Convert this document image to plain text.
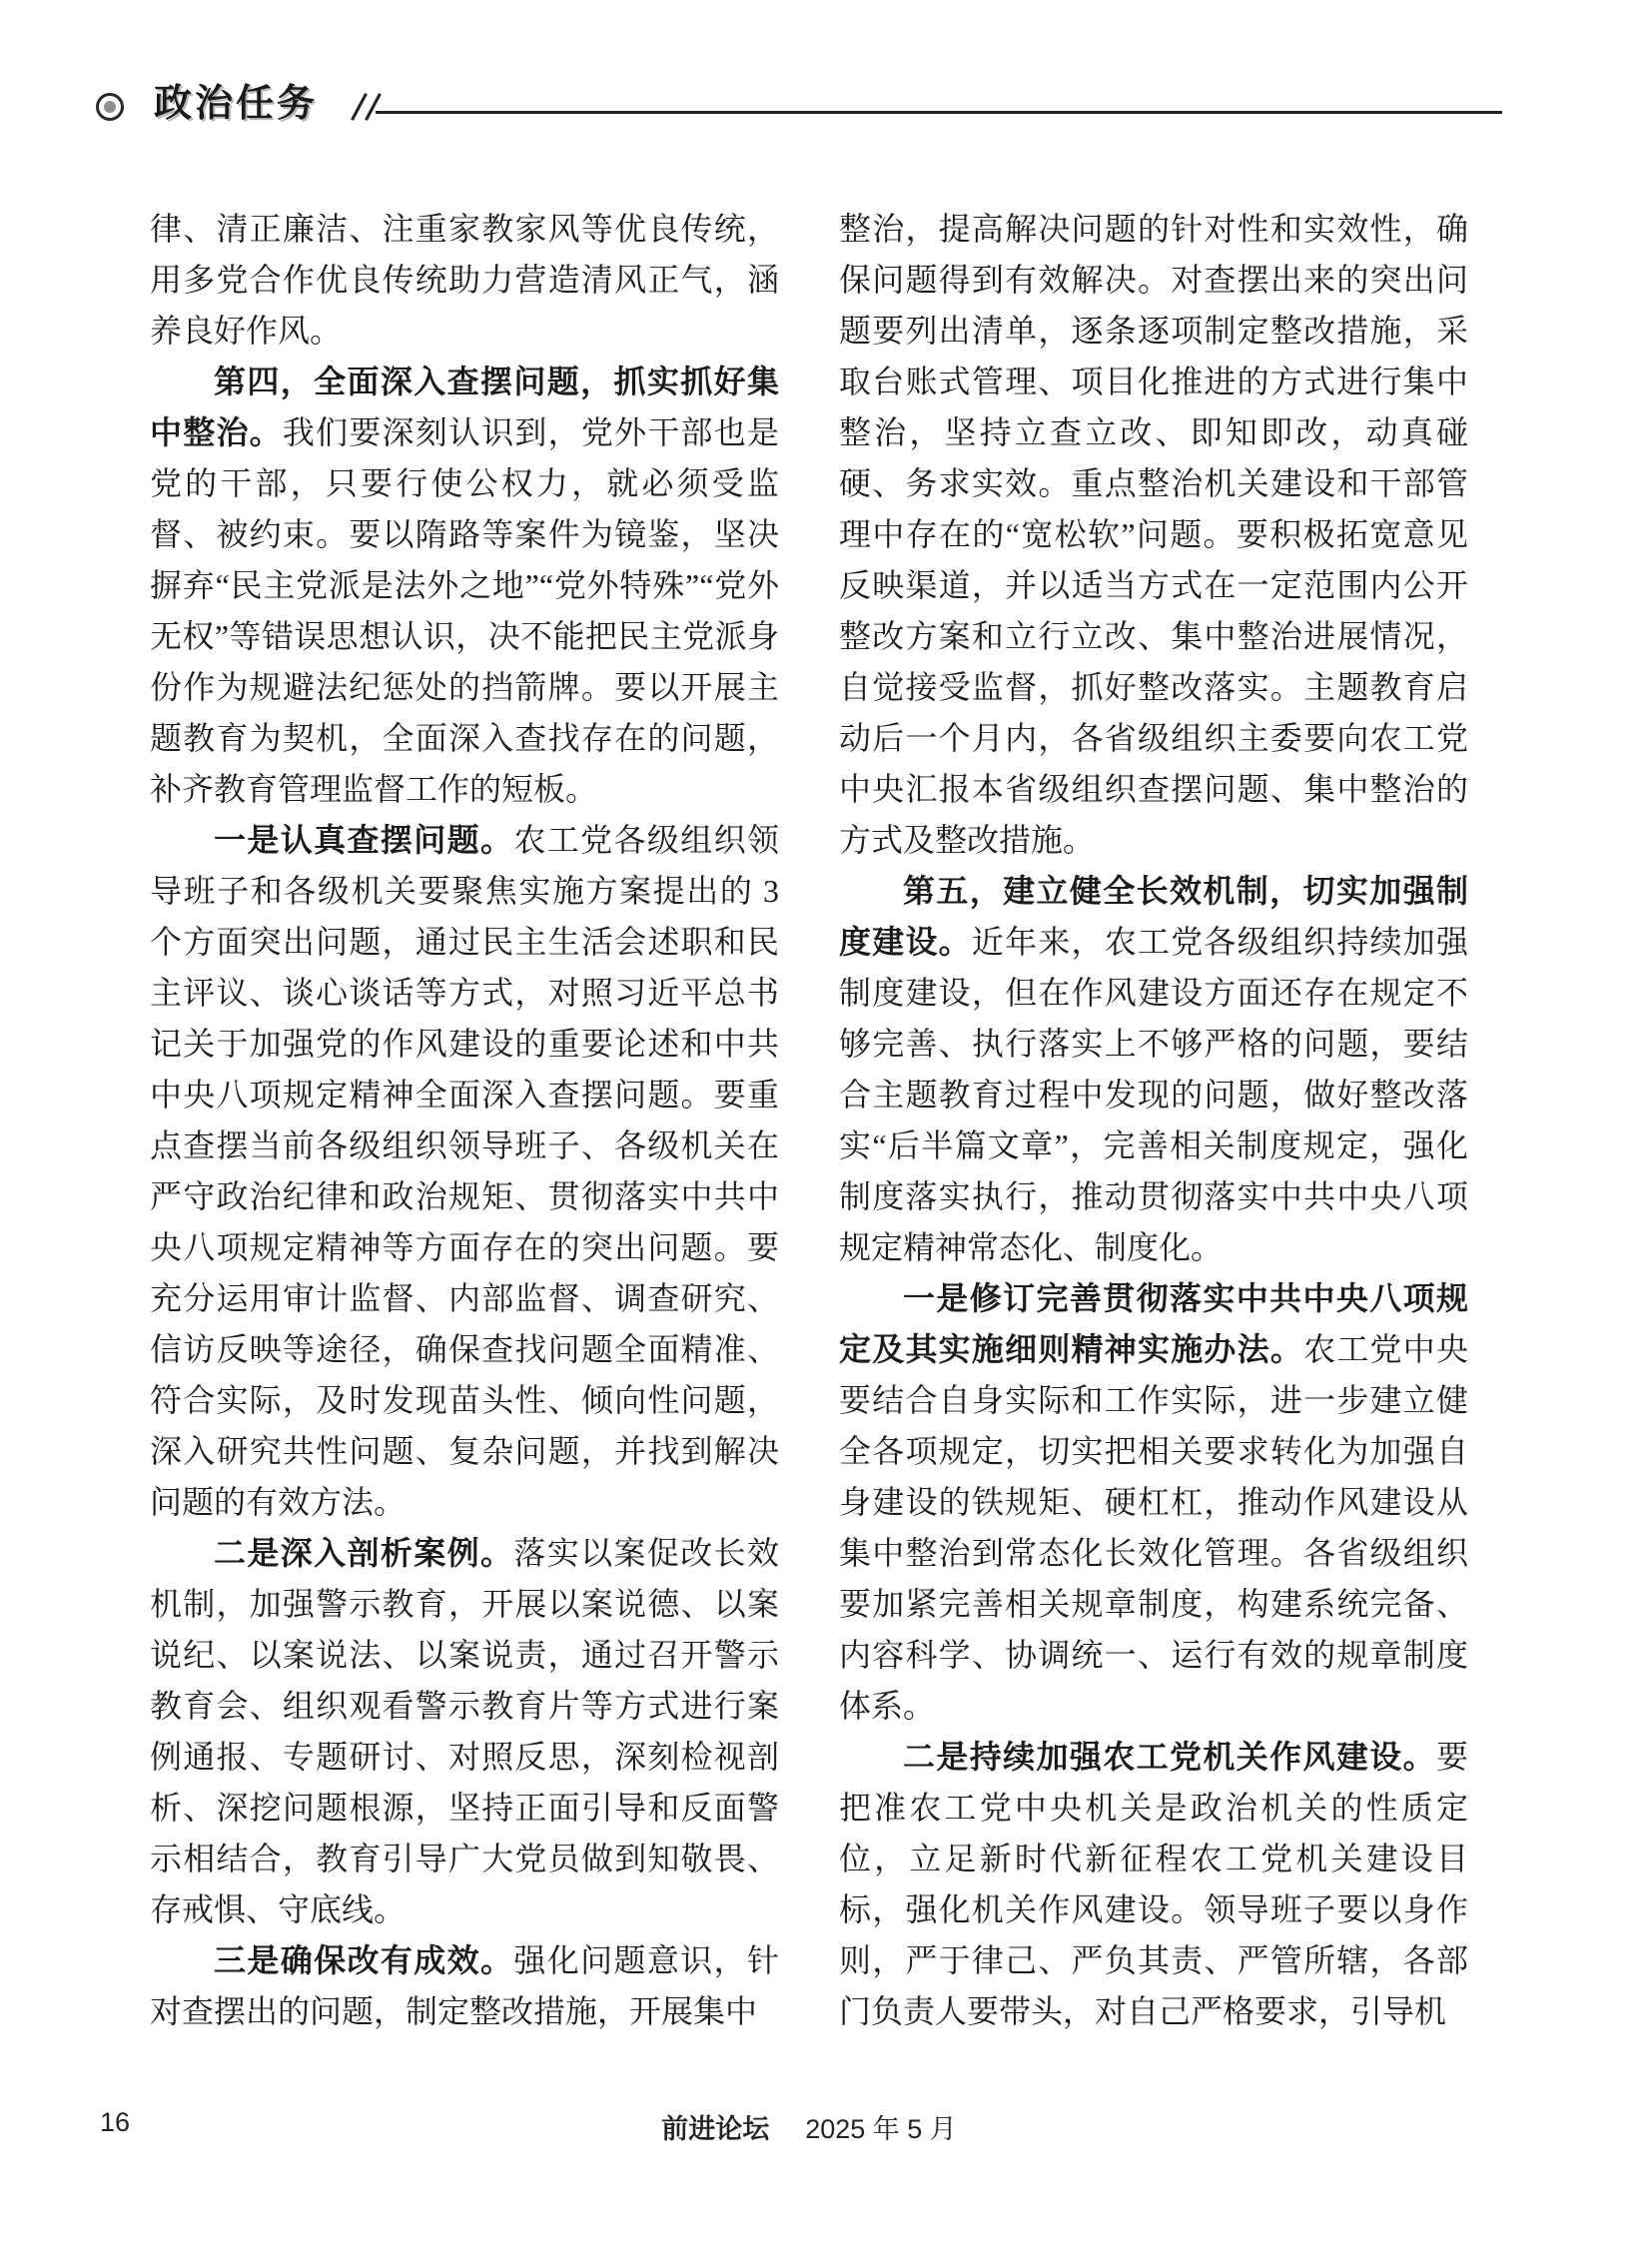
政治任务

律、清正廉洁、注重家教家风等优良传统，用多党合作优良传统助力营造清风正气，涵养良好作风。

第四，全面深入查摆问题，抓实抓好集中整治。我们要深刻认识到，党外干部也是党的干部，只要行使公权力，就必须受监督、被约束。要以隋路等案件为镜鉴，坚决摒弃“民主党派是法外之地”“党外特殊”“党外无权”等错误思想认识，决不能把民主党派身份作为规避法纪惩处的挡箭牌。要以开展主题教育为契机，全面深入查找存在的问题，补齐教育管理监督工作的短板。

一是认真查摆问题。农工党各级组织领导班子和各级机关要聚焦实施方案提出的 3 个方面突出问题，通过民主生活会述职和民主评议、谈心谈话等方式，对照习近平总书记关于加强党的作风建设的重要论述和中共中央八项规定精神全面深入查摆问题。要重点查摆当前各级组织领导班子、各级机关在严守政治纪律和政治规矩、贯彻落实中共中央八项规定精神等方面存在的突出问题。要充分运用审计监督、内部监督、调查研究、信访反映等途径，确保查找问题全面精准、符合实际，及时发现苗头性、倾向性问题，深入研究共性问题、复杂问题，并找到解决问题的有效方法。

二是深入剖析案例。落实以案促改长效机制，加强警示教育，开展以案说德、以案说纪、以案说法、以案说责，通过召开警示教育会、组织观看警示教育片等方式进行案例通报、专题研讨、对照反思，深刻检视剖析、深挖问题根源，坚持正面引导和反面警示相结合，教育引导广大党员做到知敬畏、存戒惧、守底线。

三是确保改有成效。强化问题意识，针对查摆出的问题，制定整改措施，开展集中

整治，提高解决问题的针对性和实效性，确保问题得到有效解决。对查摆出来的突出问题要列出清单，逐条逐项制定整改措施，采取台账式管理、项目化推进的方式进行集中整治，坚持立查立改、即知即改，动真碰硬、务求实效。重点整治机关建设和干部管理中存在的“宽松软”问题。要积极拓宽意见反映渠道，并以适当方式在一定范围内公开整改方案和立行立改、集中整治进展情况，自觉接受监督，抓好整改落实。主题教育启动后一个月内，各省级组织主委要向农工党中央汇报本省级组织查摆问题、集中整治的方式及整改措施。

第五，建立健全长效机制，切实加强制度建设。近年来，农工党各级组织持续加强制度建设，但在作风建设方面还存在规定不够完善、执行落实上不够严格的问题，要结合主题教育过程中发现的问题，做好整改落实“后半篇文章”，完善相关制度规定，强化制度落实执行，推动贯彻落实中共中央八项规定精神常态化、制度化。

一是修订完善贯彻落实中共中央八项规定及其实施细则精神实施办法。农工党中央要结合自身实际和工作实际，进一步建立健全各项规定，切实把相关要求转化为加强自身建设的铁规矩、硬杠杠，推动作风建设从集中整治到常态化长效化管理。各省级组织要加紧完善相关规章制度，构建系统完备、内容科学、协调统一、运行有效的规章制度体系。

二是持续加强农工党机关作风建设。要把准农工党中央机关是政治机关的性质定位，立足新时代新征程农工党机关建设目标，强化机关作风建设。领导班子要以身作则，严于律己、严负其责、严管所辖，各部门负责人要带头，对自己严格要求，引导机

16	前进论坛 2025 年 5 月
